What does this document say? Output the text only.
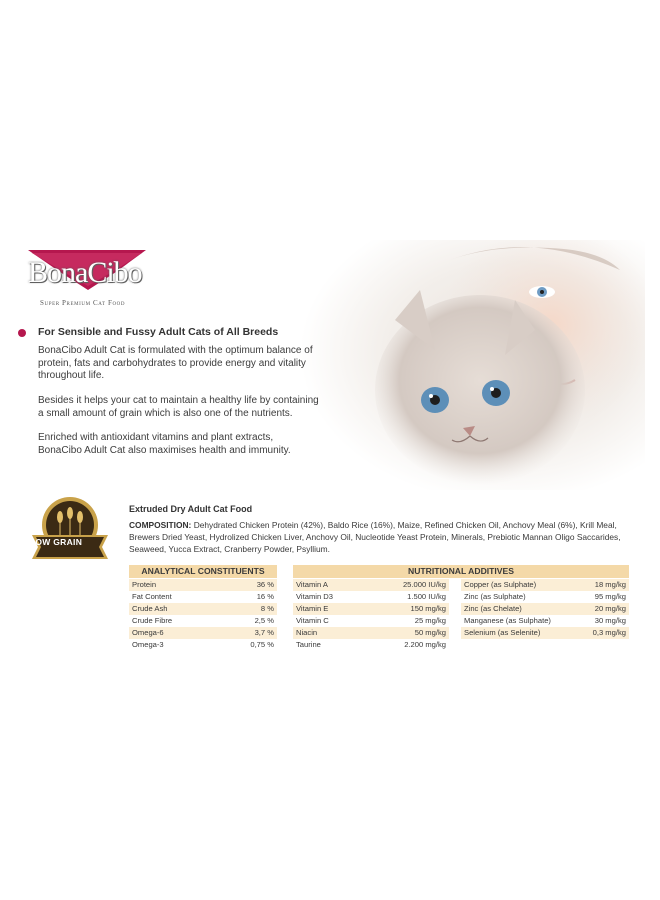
BonaCibo
Super Premium Cat Food
For Sensible and Fussy Adult Cats of All Breeds
BonaCibo Adult Cat is formulated with the optimum balance of
protein, fats and carbohydrates to provide energy and vitality
throughout life.
Besides it helps your cat to maintain a healthy life by containing
a small amount of grain which is also one of the nutrients.
Enriched with antioxidant vitamins and plant extracts,
BonaCibo Adult Cat also maximises health and immunity.
LOW GRAIN
Extruded Dry Adult Cat Food
COMPOSITION: Dehydrated Chicken Protein (42%), Baldo Rice (16%), Maize, Refined Chicken Oil, Anchovy Meal (6%), Krill Meal, Brewers Dried Yeast, Hydrolized Chicken Liver, Anchovy Oil, Nucleotide Yeast Protein, Minerals, Prebiotic Mannan Oligo Saccarides, Seaweed, Yucca Extract, Cranberry Powder, Psyllium.
ANALYTICAL CONSTITUENTS
Protein	36 %
Fat Content	16 %
Crude Ash	8 %
Crude Fibre	2,5 %
Omega-6	3,7 %
Omega-3	0,75 %
NUTRITIONAL ADDITIVES
Vitamin A	25.000 IU/kg
Vitamin D3	1.500 IU/kg
Vitamin E	150 mg/kg
Vitamin C	25 mg/kg
Niacin	50 mg/kg
Taurine	2.200 mg/kg
Copper (as Sulphate)	18 mg/kg
Zinc (as Sulphate)	95 mg/kg
Zinc (as Chelate)	20 mg/kg
Manganese (as Sulphate)	30 mg/kg
Selenium (as Selenite)	0,3 mg/kg
